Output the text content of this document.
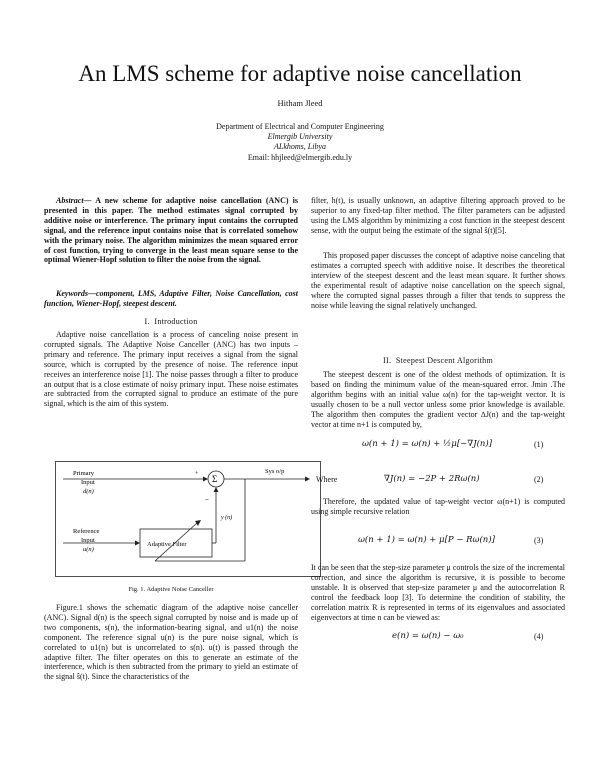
An LMS scheme for adaptive noise cancellation
Hitham Jleed
Department of Electrical and Computer Engineering
Elmergib University
ALkhoms, Libya
Email: hhjleed@elmergib.edu.ly
Abstract— A new scheme for adaptive noise cancellation (ANC) is presented in this paper. The method estimates signal corrupted by additive noise or interference. The primary input contains the corrupted signal, and the reference input contains noise that is correlated somehow with the primary noise. The algorithm minimizes the mean squared error of cost function, trying to converge in the least mean square sense to the optimal Wiener-Hopf solution to filter the noise from the signal.
Keywords—component, LMS, Adaptive Filter, Noise Cancellation, cost function, Wiener-Hopf, steepest descent.
I. Introduction

Adaptive noise cancellation is a process of canceling noise present in corrupted signals. The Adaptive Noise Canceller (ANC) has two inputs – primary and reference. The primary input receives a signal from the signal source, which is corrupted by the presence of noise. The reference input receives an interference noise [1]. The noise passes through a filter to produce an output that is a close estimate of noisy primary input. These noise estimates are subtracted from the corrupted signal to produce an estimate of the pure signal, which is the aim of this system.

Primary
Input
d(n)
+ Σ
Sys o/p
Reference
Input
u(n)
Adaptive Filter
–
y (n)
Fig. 1. Adaptive Noise Canceller

Figure.1 shows the schematic diagram of the adaptive noise canceller (ANC). Signal d(n) is the speech signal corrupted by noise and is made up of two components, s(n), the information-bearing signal, and u1(n) the noise component. The reference signal u(n) is the pure noise signal, which is correlated to u1(n) but is uncorrelated to s(n). u(t) is passed through the adaptive filter. The filter operates on this to generate an estimate of the interference, which is then subtracted from the primary to yield an estimate of the signal ŝ(t). Since the characteristics of the

filter, h(t), is usually unknown, an adaptive filtering approach proved to be superior to any fixed-tap filter method. The filter parameters can be adjusted using the LMS algorithm by minimizing a cost function in the steepest descent sense, with the output being the estimate of the signal ŝ(t)[5].

This proposed paper discusses the concept of adaptive noise canceling that estimates a corrupted speech with additive noise. It describes the theoretical interview of the steepest descent and the least mean square. It further shows the experimental result of adaptive noise cancellation on the speech signal, where the corrupted signal passes through a filter that tends to suppress the noise while leaving the signal relatively unchanged.

II. Steepest Descent Algorithm

The steepest descent is one of the oldest methods of optimization. It is based on finding the minimum value of the mean-squared error. Jmin .The algorithm begins with an initial value ω(n) for the tap-weight vector. It is usually chosen to be a null vector unless some prior knowledge is available. The algorithm then computes the gradient vector ∆J(n) and the tap-weight vector at time n+1 is computed by,

ω(n + 1) = ω(n) + ½μ[−∇J(n)]	(1)
Where	∇J(n) = −2P + 2Rω(n)	(2)

Therefore, the updated value of tap-weight vector ω(n+1) is computed using simple recursive relation

ω(n + 1) = ω(n) + μ[P − Rω(n)]	(3)

It can be seen that the step-size parameter μ controls the size of the incremental correction, and since the algorithm is recursive, it is possible to become unstable. It is observed that step-size parameter μ and the autocorrelation R control the feedback loop [3]. To determine the condition of stability, the correlation matrix R is represented in terms of its eigenvalues and associated eigenvectors at time n can be viewed as:

e(n) = ω(n) − ω₀	(4)
